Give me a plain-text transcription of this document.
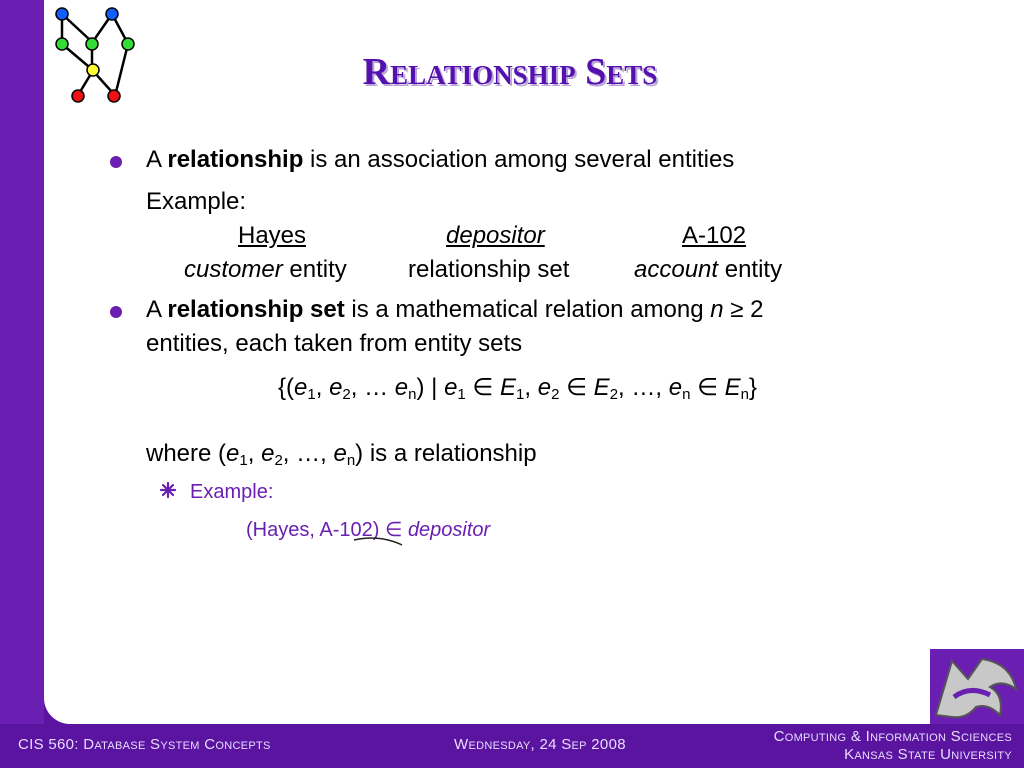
Relationship Sets
A relationship is an association among several entities
Example:
Hayes	depositor	A-102
customer entity	relationship set	account entity
A relationship set is a mathematical relation among n ≥ 2
entities, each taken from entity sets
{($e_1$, $e_2$, … $e_n$) | $e_1$ ∈ $E_1$, $e_2$ ∈ $E_2$, …, $e_n$ ∈ $E_n$}
where ($e_1$, $e_2$, …, $e_n$) is a relationship
Example:
(Hayes, A-102) ∈ depositor
CIS 560: Database System Concepts	Wednesday, 24 Sep 2008	Computing & Information Sciences
Kansas State University
